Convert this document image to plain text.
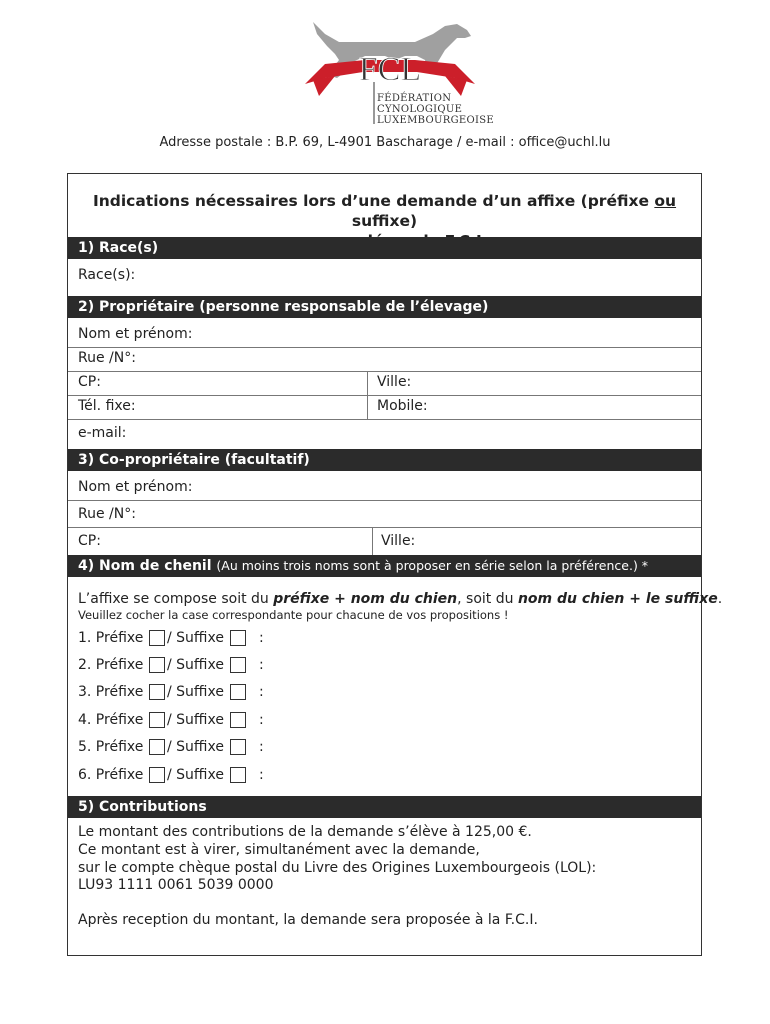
FCL
FÉDÉRATION
CYNOLOGIQUE
LUXEMBOURGEOISE
Adresse postale : B.P. 69, L-4901 Bascharage / e-mail : office@uchl.lu
Indications nécessaires lors d’une demande d’un affixe (préfixe ou suffixe)
1) Race(s)
Race(s):
2) Propriétaire (personne responsable de l’élevage)
Nom et prénom:
Rue /N°:
CP:	Ville:
Tél. fixe:	Mobile:
e-mail:
3) Co-propriétaire (facultatif)
Nom et prénom:
Rue /N°:
CP:	Ville:
4) Nom de chenil (Au moins trois noms sont à proposer en série selon la préférence.) *
L’affixe se compose soit du préfixe + nom du chien, soit du nom du chien + le suffixe.
Veuillez cocher la case correspondante pour chacune de vos propositions !
1. Préfixe / Suffixe	:
2. Préfixe / Suffixe	:
3. Préfixe / Suffixe	:
4. Préfixe / Suffixe	:
5. Préfixe / Suffixe	:
6. Préfixe / Suffixe	:
5) Contributions
Le montant des contributions de la demande s’élève à 125,00 €.
Ce montant est à virer, simultanément avec la demande,
sur le compte chèque postal du Livre des Origines Luxembourgeois (LOL):
LU93 1111 0061 5039 0000
Après reception du montant, la demande sera proposée à la F.C.I.
